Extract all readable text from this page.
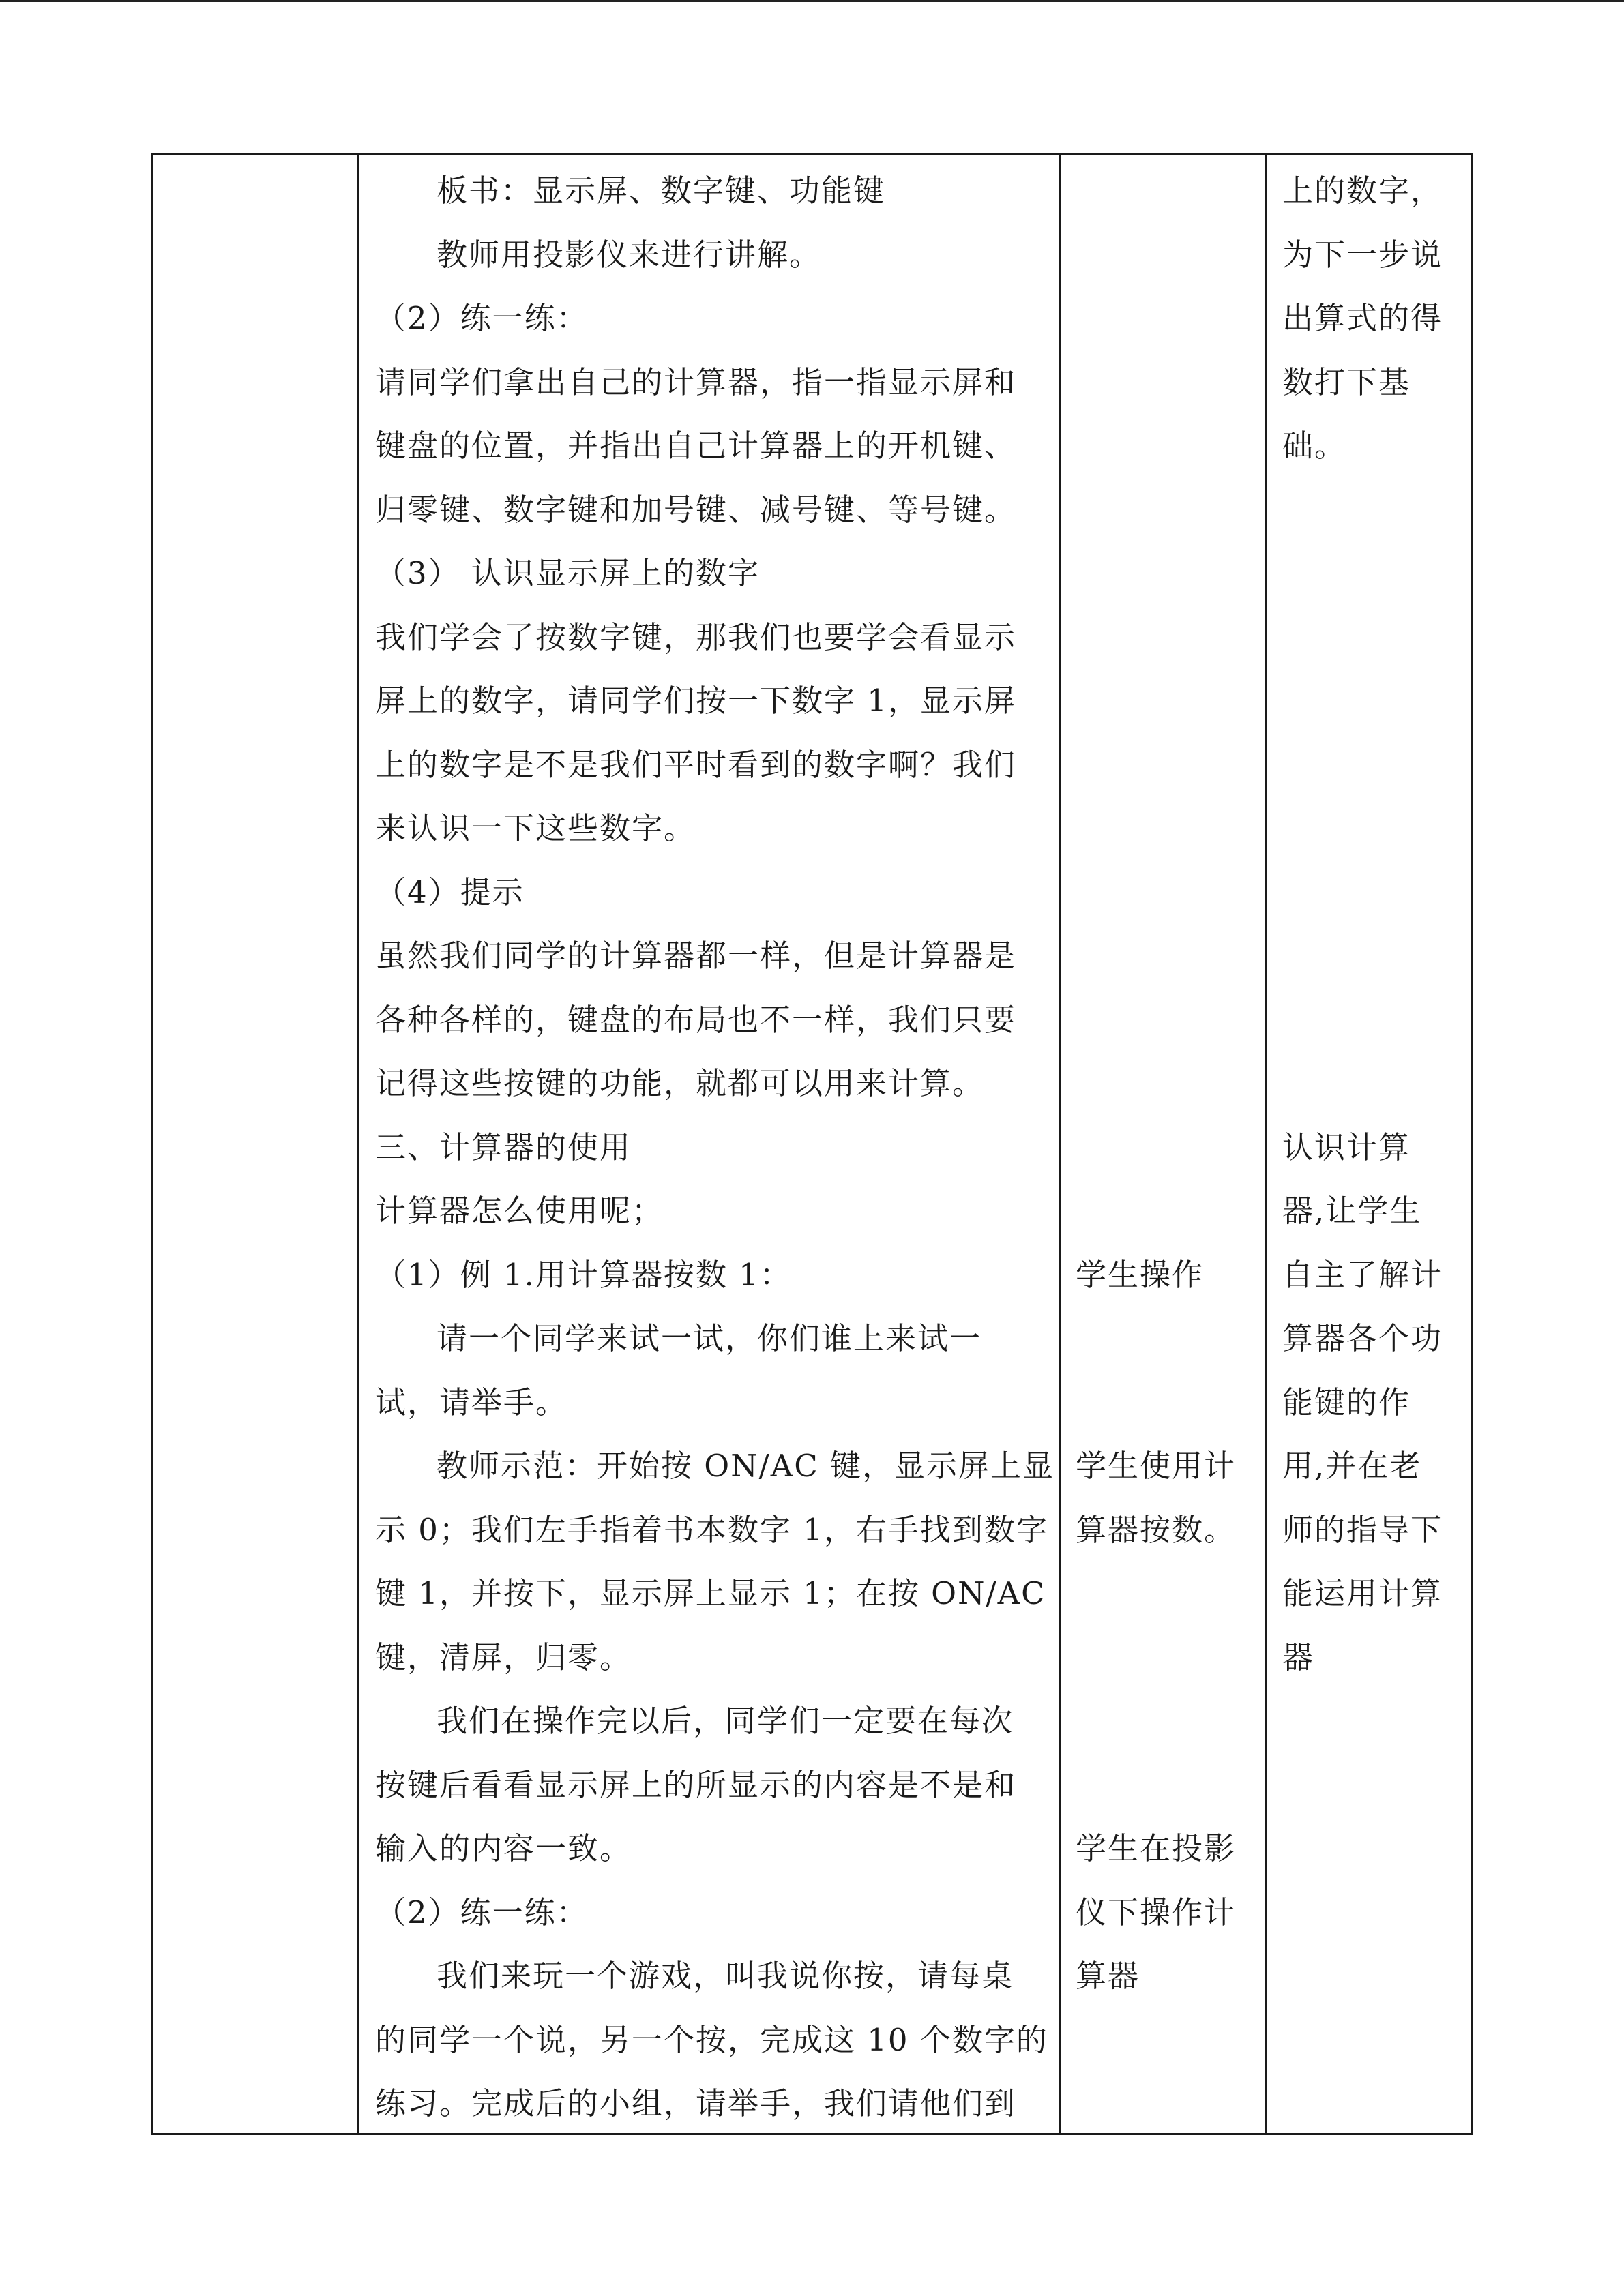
板书：显示屏、数字键、功能键
教师用投影仪来进行讲解。
（2）练一练：
请同学们拿出自己的计算器，指一指显示屏和
键盘的位置，并指出自己计算器上的开机键、
归零键、数字键和加号键、减号键、等号键。
（3） 认识显示屏上的数字
我们学会了按数字键，那我们也要学会看显示
屏上的数字，请同学们按一下数字 1，显示屏
上的数字是不是我们平时看到的数字啊？我们
来认识一下这些数字。
（4）提示
虽然我们同学的计算器都一样，但是计算器是
各种各样的，键盘的布局也不一样，我们只要
记得这些按键的功能，就都可以用来计算。
三、计算器的使用
计算器怎么使用呢；
（1）例 1.用计算器按数 1：
请一个同学来试一试，你们谁上来试一
试，请举手。
教师示范：开始按 ON/AC 键，显示屏上显
示 0；我们左手指着书本数字 1，右手找到数字
键 1，并按下，显示屏上显示 1；在按 ON/AC
键，清屏，归零。
我们在操作完以后，同学们一定要在每次
按键后看看显示屏上的所显示的内容是不是和
输入的内容一致。
（2）练一练：
我们来玩一个游戏，叫我说你按，请每桌
的同学一个说，另一个按，完成这 10 个数字的
练习。完成后的小组，请举手，我们请他们到
学生操作
学生使用计
算器按数。
学生在投影
仪下操作计
算器
上的数字，
为下一步说
出算式的得
数打下基
础。
认识计算
器,让学生
自主了解计
算器各个功
能键的作
用,并在老
师的指导下
能运用计算
器
